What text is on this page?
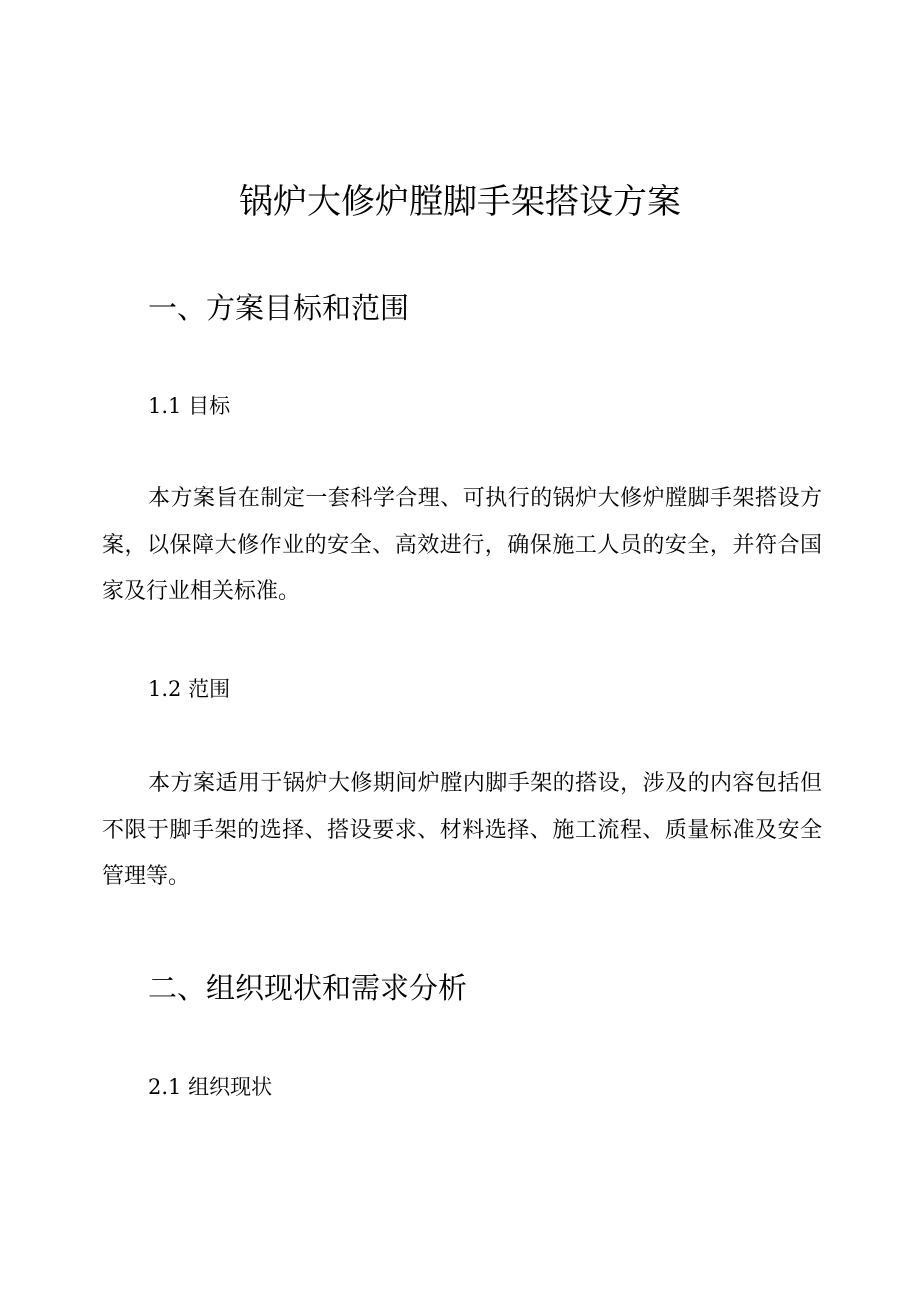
锅炉大修炉膛脚手架搭设方案
一、方案目标和范围
1.1 目标
本方案旨在制定一套科学合理、可执行的锅炉大修炉膛脚手架搭设方案，以保障大修作业的安全、高效进行，确保施工人员的安全，并符合国家及行业相关标准。
1.2 范围
本方案适用于锅炉大修期间炉膛内脚手架的搭设，涉及的内容包括但不限于脚手架的选择、搭设要求、材料选择、施工流程、质量标准及安全管理等。
二、组织现状和需求分析
2.1 组织现状
